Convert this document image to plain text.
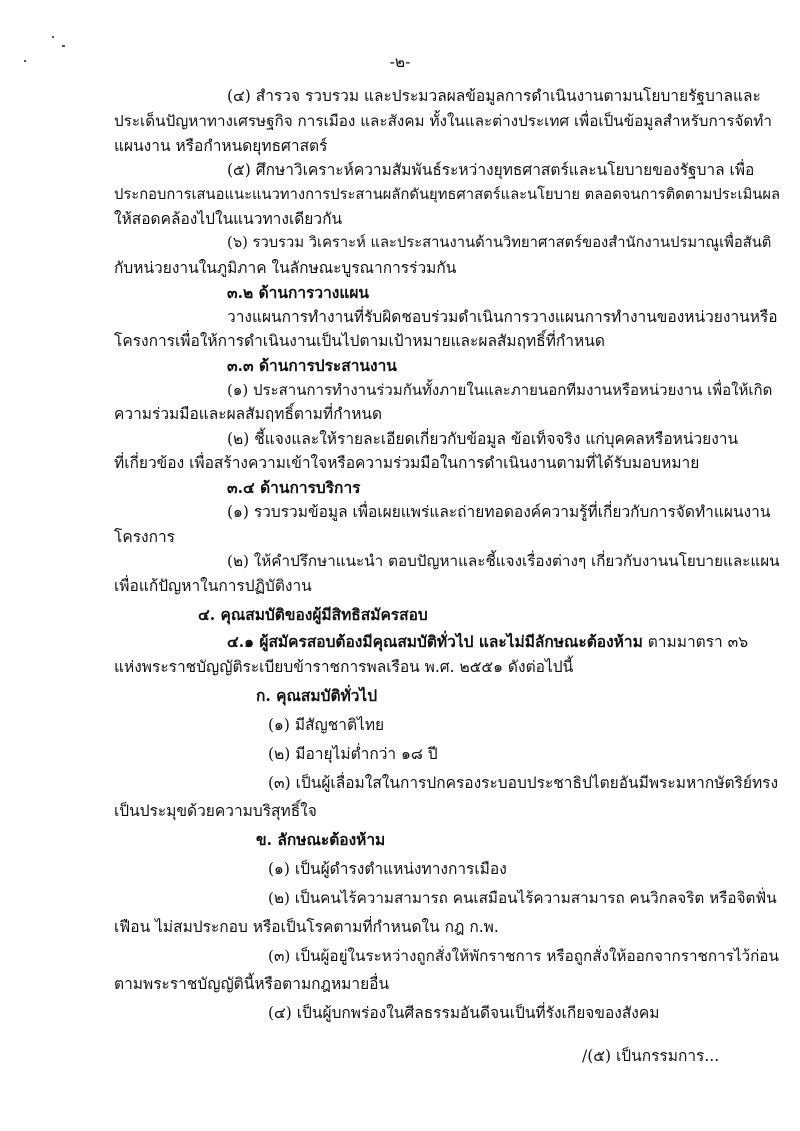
-๒-
(๔) สำรวจ รวบรวม และประมวลผลข้อมูลการดำเนินงานตามนโยบายรัฐบาลและ
ประเด็นปัญหาทางเศรษฐกิจ การเมือง และสังคม ทั้งในและต่างประเทศ เพื่อเป็นข้อมูลสำหรับการจัดทำ
แผนงาน หรือกำหนดยุทธศาสตร์
(๕) ศึกษาวิเคราะห์ความสัมพันธ์ระหว่างยุทธศาสตร์และนโยบายของรัฐบาล เพื่อ
ประกอบการเสนอแนะแนวทางการประสานผลักดันยุทธศาสตร์และนโยบาย ตลอดจนการติดตามประเมินผล
ให้สอดคล้องไปในแนวทางเดียวกัน
(๖) รวบรวม วิเคราะห์ และประสานงานด้านวิทยาศาสตร์ของสำนักงานปรมาณูเพื่อสันติ
กับหน่วยงานในภูมิภาค ในลักษณะบูรณาการร่วมกัน
๓.๒ ด้านการวางแผน
วางแผนการทำงานที่รับผิดชอบร่วมดำเนินการวางแผนการทำงานของหน่วยงานหรือ
โครงการเพื่อให้การดำเนินงานเป็นไปตามเป้าหมายและผลสัมฤทธิ์ที่กำหนด
๓.๓ ด้านการประสานงาน
(๑) ประสานการทำงานร่วมกันทั้งภายในและภายนอกทีมงานหรือหน่วยงาน เพื่อให้เกิด
ความร่วมมือและผลสัมฤทธิ์ตามที่กำหนด
(๒) ชี้แจงและให้รายละเอียดเกี่ยวกับข้อมูล ข้อเท็จจริง แก่บุคคลหรือหน่วยงาน
ที่เกี่ยวข้อง เพื่อสร้างความเข้าใจหรือความร่วมมือในการดำเนินงานตามที่ได้รับมอบหมาย
๓.๔ ด้านการบริการ
(๑) รวบรวมข้อมูล เพื่อเผยแพร่และถ่ายทอดองค์ความรู้ที่เกี่ยวกับการจัดทำแผนงาน
โครงการ
(๒) ให้คำปรึกษาแนะนำ ตอบปัญหาและชี้แจงเรื่องต่างๆ เกี่ยวกับงานนโยบายและแผน
เพื่อแก้ปัญหาในการปฏิบัติงาน
๔. คุณสมบัติของผู้มีสิทธิสมัครสอบ
๔.๑ ผู้สมัครสอบต้องมีคุณสมบัติทั่วไป และไม่มีลักษณะต้องห้าม ตามมาตรา ๓๖
แห่งพระราชบัญญัติระเบียบข้าราชการพลเรือน พ.ศ. ๒๕๕๑ ดังต่อไปนี้
ก. คุณสมบัติทั่วไป
(๑) มีสัญชาติไทย
(๒) มีอายุไม่ต่ำกว่า ๑๘ ปี
(๓) เป็นผู้เลื่อมใสในการปกครองระบอบประชาธิปไตยอันมีพระมหากษัตริย์ทรง
เป็นประมุขด้วยความบริสุทธิ์ใจ
ข. ลักษณะต้องห้าม
(๑) เป็นผู้ดำรงตำแหน่งทางการเมือง
(๒) เป็นคนไร้ความสามารถ คนเสมือนไร้ความสามารถ คนวิกลจริต หรือจิตฟั่น
เฟือน ไม่สมประกอบ หรือเป็นโรคตามที่กำหนดใน กฎ ก.พ.
(๓) เป็นผู้อยู่ในระหว่างถูกสั่งให้พักราชการ หรือถูกสั่งให้ออกจากราชการไว้ก่อน
ตามพระราชบัญญัตินี้หรือตามกฎหมายอื่น
(๔) เป็นผู้บกพร่องในศีลธรรมอันดีจนเป็นที่รังเกียจของสังคม
/(๕) เป็นกรรมการ...
